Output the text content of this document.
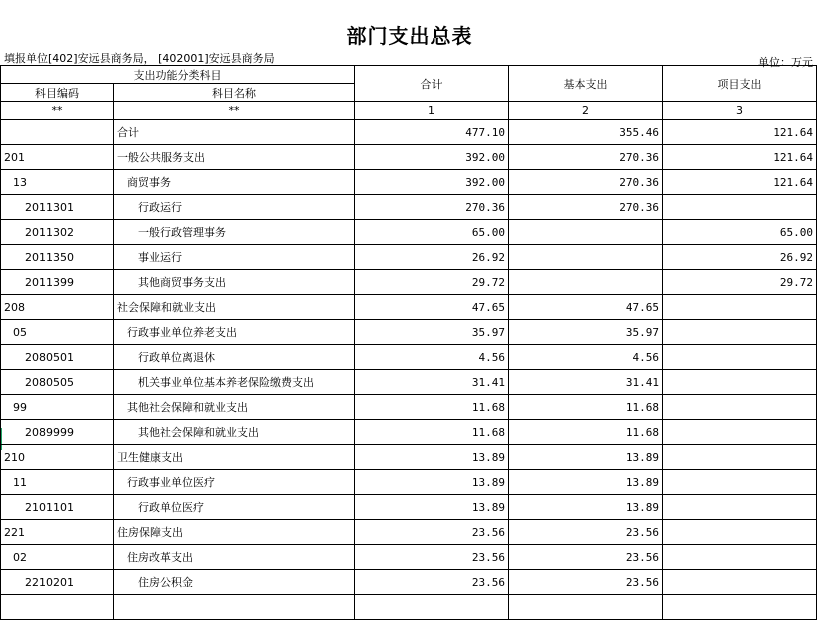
部门支出总表
填报单位[402]安远县商务局， [402001]安远县商务局	单位：万元
支出功能分类科目		合计	基本支出	项目支出
科目编码	科目名称			
**	**	1	2	3
	合计	477.10	355.46	121.64
201	一般公共服务支出	392.00	270.36	121.64
13	商贸事务	392.00	270.36	121.64
2011301	行政运行	270.36	270.36	
2011302	一般行政管理事务	65.00		65.00
2011350	事业运行	26.92		26.92
2011399	其他商贸事务支出	29.72		29.72
208	社会保障和就业支出	47.65	47.65	
05	行政事业单位养老支出	35.97	35.97	
2080501	行政单位离退休	4.56	4.56	
2080505	机关事业单位基本养老保险缴费支出	31.41	31.41	
99	其他社会保障和就业支出	11.68	11.68	
2089999	其他社会保障和就业支出	11.68	11.68	
210	卫生健康支出	13.89	13.89	
11	行政事业单位医疗	13.89	13.89	
2101101	行政单位医疗	13.89	13.89	
221	住房保障支出	23.56	23.56	
02	住房改革支出	23.56	23.56	
2210201	住房公积金	23.56	23.56	
